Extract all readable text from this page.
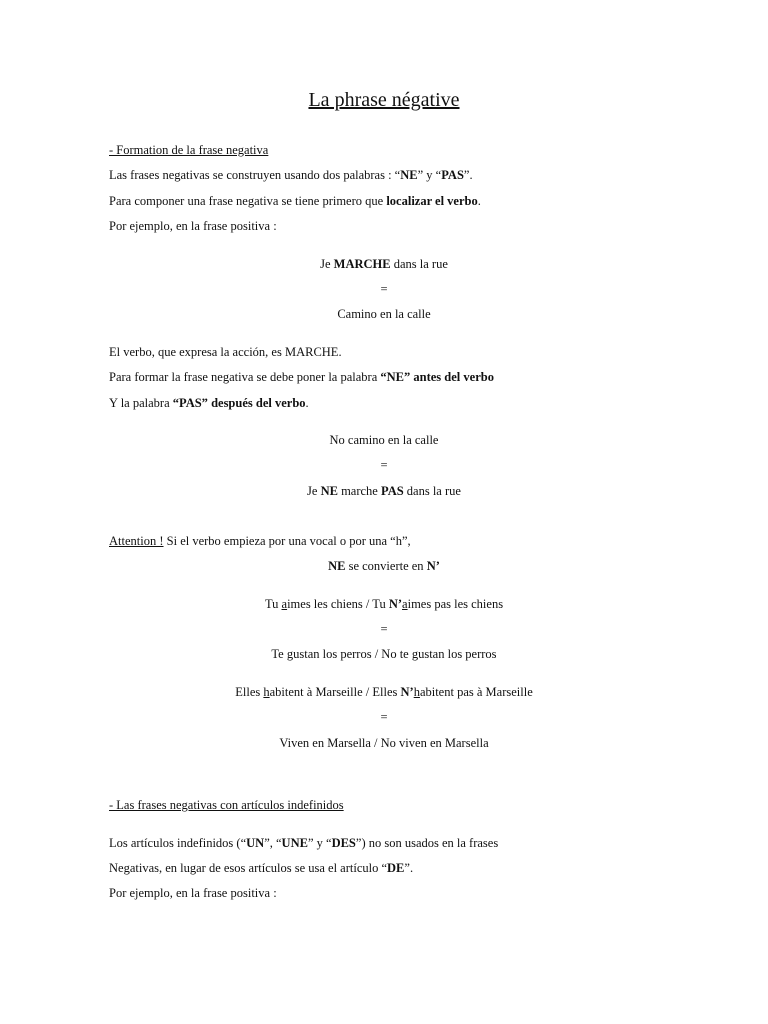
La phrase négative
- Formation de la frase negativa
Las frases negativas se construyen usando dos palabras : “NE” y “PAS”.
Para componer una frase negativa se tiene primero que localizar el verbo.
Por ejemplo, en la frase positiva :
Je MARCHE dans la rue
=
Camino en la calle
El verbo, que expresa la acción, es MARCHE.
Para formar la frase negativa se debe poner la palabra “NE” antes del verbo
Y la palabra “PAS” después del verbo.
No camino en la calle
=
Je NE marche PAS dans la rue
Attention ! Si el verbo empieza por una vocal o por una “h”,
NE se convierte en N’
Tu aimes les chiens / Tu N’aimes pas les chiens
=
Te gustan los perros / No te gustan los perros
Elles habitent à Marseille / Elles N’habitent pas à Marseille
=
Viven en Marsella / No viven en Marsella
- Las frases negativas con artículos indefinidos
Los artículos indefinidos (“UN”, “UNE” y “DES”) no son usados en la frases
Negativas, en lugar de esos artículos se usa el artículo “DE”.
Por ejemplo, en la frase positiva :
